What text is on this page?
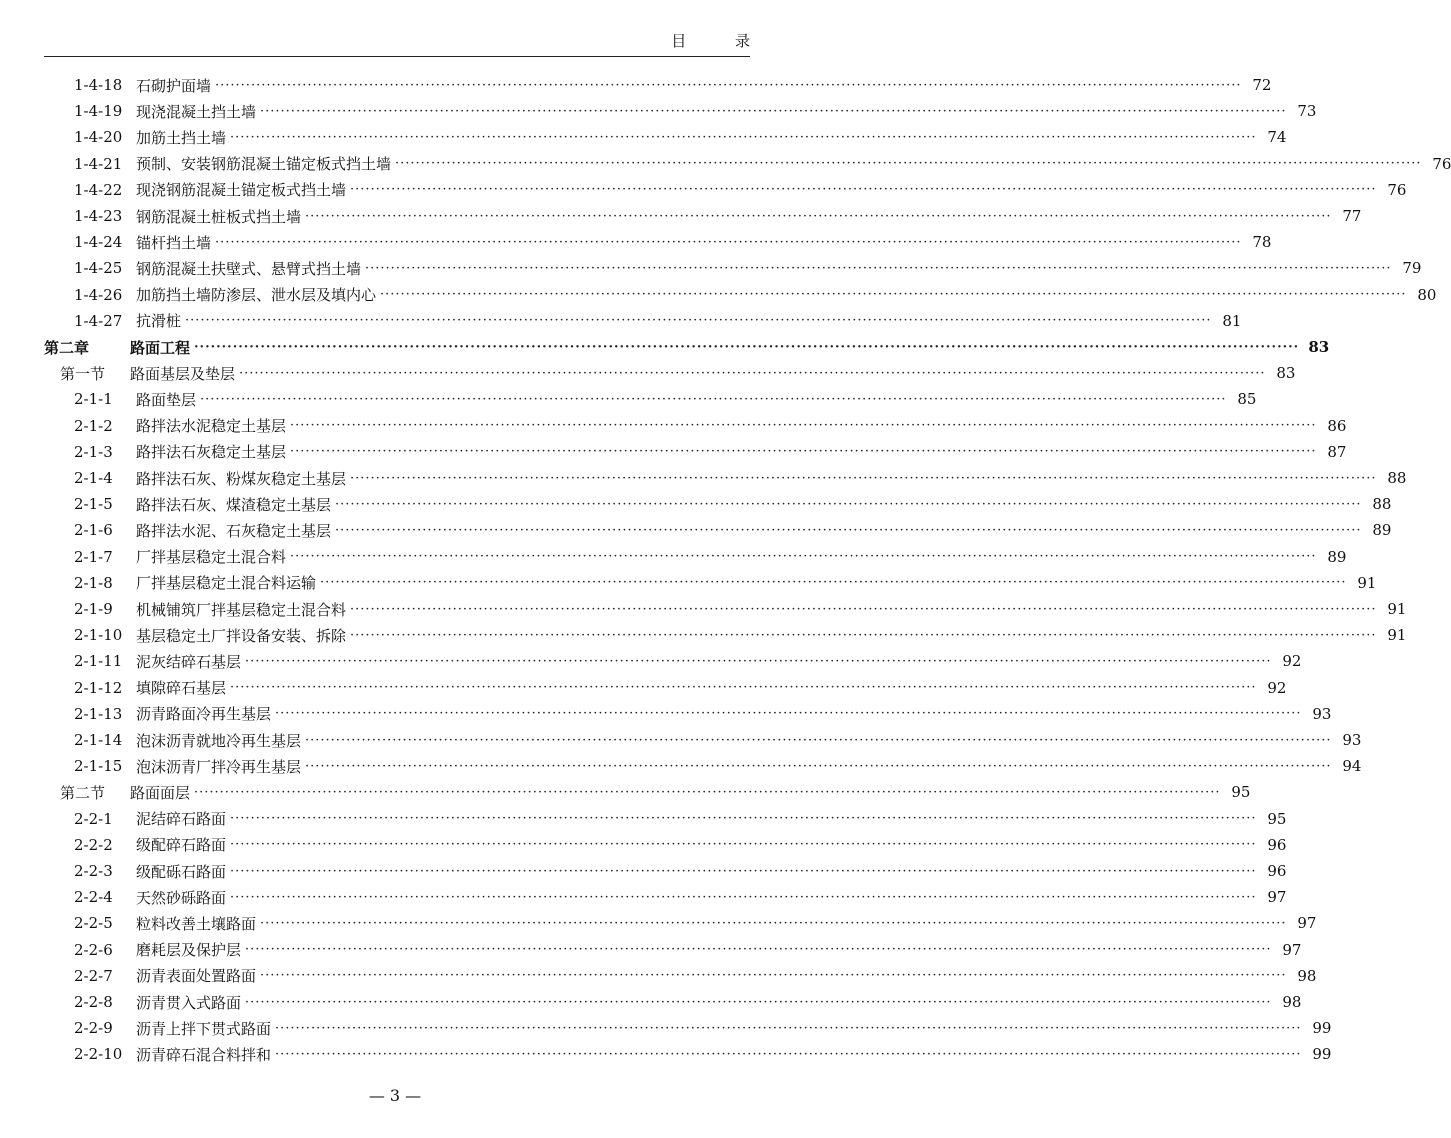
目 录
1-4-18 石砌护面墙 ········································································································································································································ 72
1-4-19 现浇混凝土挡土墙 ········································································································································································································ 73
1-4-20 加筋土挡土墙 ········································································································································································································ 74
1-4-21 预制、安装钢筋混凝土锚定板式挡土墙 ········································································································································································································ 76
1-4-22 现浇钢筋混凝土锚定板式挡土墙 ········································································································································································································ 76
1-4-23 钢筋混凝土桩板式挡土墙 ········································································································································································································ 77
1-4-24 锚杆挡土墙 ········································································································································································································ 78
1-4-25 钢筋混凝土扶壁式、悬臂式挡土墙 ········································································································································································································ 79
1-4-26 加筋挡土墙防渗层、泄水层及填内心 ········································································································································································································ 80
1-4-27 抗滑桩 ········································································································································································································ 81
第二章	路面工程 ········································································································································································································ 83
第一节	路面基层及垫层 ········································································································································································································ 83
2-1-1	路面垫层 ········································································································································································································ 85
2-1-2	路拌法水泥稳定土基层 ········································································································································································································ 86
2-1-3	路拌法石灰稳定土基层 ········································································································································································································ 87
2-1-4	路拌法石灰、粉煤灰稳定土基层 ········································································································································································································ 88
2-1-5	路拌法石灰、煤渣稳定土基层 ········································································································································································································ 88
2-1-6	路拌法水泥、石灰稳定土基层 ········································································································································································································ 89
2-1-7	厂拌基层稳定土混合料 ········································································································································································································ 89
2-1-8	厂拌基层稳定土混合料运输 ········································································································································································································ 91
2-1-9	机械铺筑厂拌基层稳定土混合料 ········································································································································································································ 91
2-1-10 基层稳定土厂拌设备安装、拆除 ········································································································································································································ 91
2-1-11 泥灰结碎石基层 ········································································································································································································ 92
2-1-12 填隙碎石基层 ········································································································································································································ 92
2-1-13 沥青路面冷再生基层 ········································································································································································································ 93
2-1-14 泡沫沥青就地冷再生基层 ········································································································································································································ 93
2-1-15 泡沫沥青厂拌冷再生基层 ········································································································································································································ 94
第二节	路面面层 ········································································································································································································ 95
2-2-1	泥结碎石路面 ········································································································································································································ 95
2-2-2	级配碎石路面 ········································································································································································································ 96
2-2-3	级配砾石路面 ········································································································································································································ 96
2-2-4	天然砂砾路面 ········································································································································································································ 97
2-2-5	粒料改善土壤路面 ········································································································································································································ 97
2-2-6	磨耗层及保护层 ········································································································································································································ 97
2-2-7	沥青表面处置路面 ········································································································································································································ 98
2-2-8	沥青贯入式路面 ········································································································································································································ 98
2-2-9	沥青上拌下贯式路面 ········································································································································································································ 99
2-2-10 沥青碎石混合料拌和 ········································································································································································································ 99
— 3 —
